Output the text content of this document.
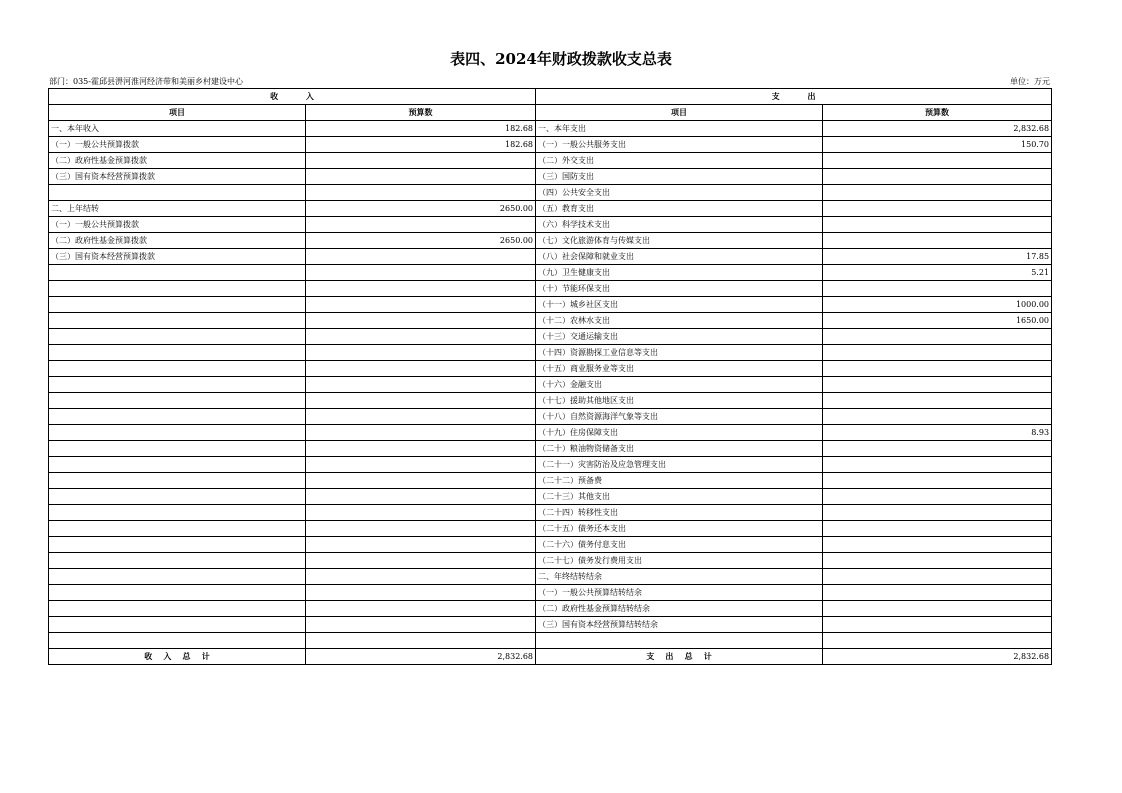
表四、2024年财政拨款收支总表
部门：035-霍邱县淠河淮河经济带和美丽乡村建设中心	单位：万元
收          入		支          出	
项目	预算数	项目	预算数
一、本年收入	182.68	一、本年支出	2,832.68
（一）一般公共预算拨款	182.68	（一）一般公共服务支出	150.70
（二）政府性基金预算拨款		（二）外交支出	
（三）国有资本经营预算拨款		（三）国防支出	
		（四）公共安全支出	
二、上年结转	2650.00	（五）教育支出	
（一）一般公共预算拨款		（六）科学技术支出	
（二）政府性基金预算拨款	2650.00	（七）文化旅游体育与传媒支出	
（三）国有资本经营预算拨款		（八）社会保障和就业支出	17.85
		（九）卫生健康支出	5.21
		（十）节能环保支出	
		（十一）城乡社区支出	1000.00
		（十二）农林水支出	1650.00
		（十三）交通运输支出	
		（十四）资源勘探工业信息等支出	
		（十五）商业服务业等支出	
		（十六）金融支出	
		（十七）援助其他地区支出	
		（十八）自然资源海洋气象等支出	
		（十九）住房保障支出	8.93
		（二十）粮油物资储备支出	
		（二十一）灾害防治及应急管理支出	
		（二十二）预备费	
		（二十三）其他支出	
		（二十四）转移性支出	
		（二十五）债务还本支出	
		（二十六）债务付息支出	
		（二十七）债务发行费用支出	
		二、年终结转结余	
		（一）一般公共预算结转结余	
		（二）政府性基金预算结转结余	
		（三）国有资本经营预算结转结余	

收    入    总    计	2,832.68	支    出    总    计	2,832.68
